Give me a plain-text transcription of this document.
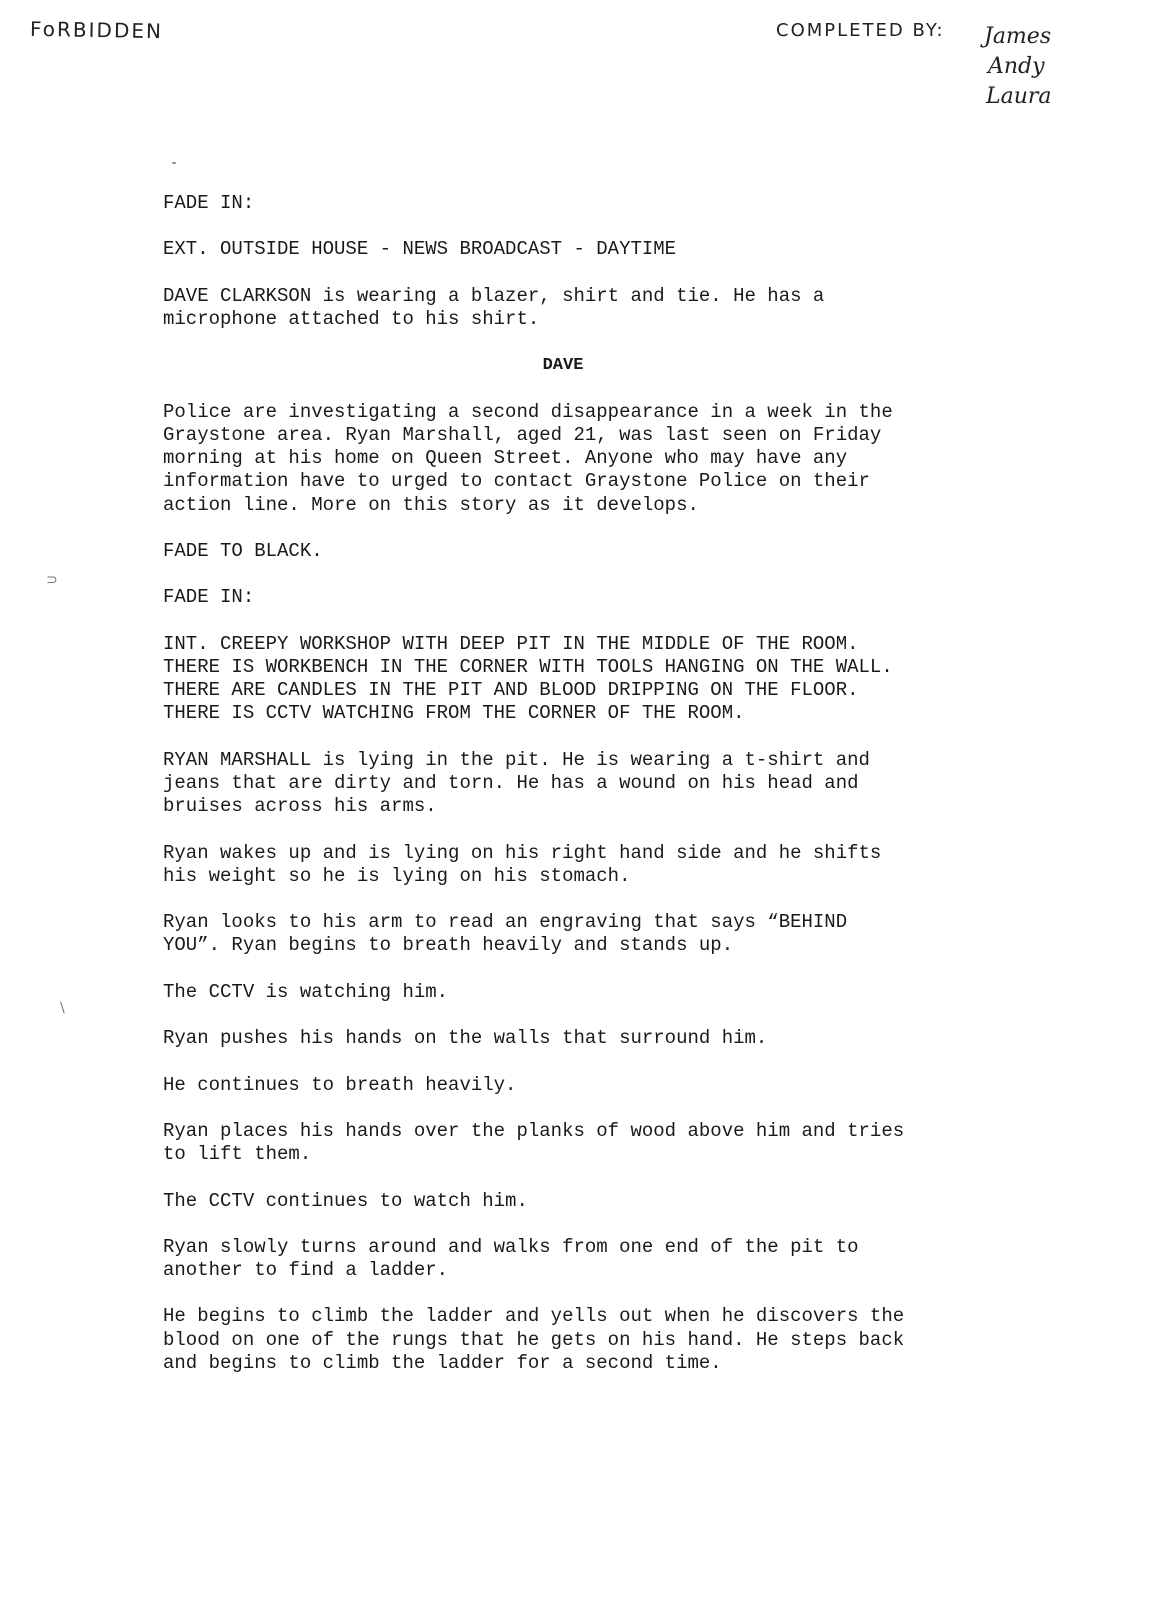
FoRBIDDEN	COMPLETED BY: James
Andy
Laura
⊃
\

FADE IN:

EXT. OUTSIDE HOUSE - NEWS BROADCAST - DAYTIME

DAVE CLARKSON is wearing a blazer, shirt and tie. He has a
microphone attached to his shirt.

DAVE

Police are investigating a second disappearance in a week in the
Graystone area. Ryan Marshall, aged 21, was last seen on Friday
morning at his home on Queen Street. Anyone who may have any
information have to urged to contact Graystone Police on their
action line. More on this story as it develops.

FADE TO BLACK.

FADE IN:

INT. CREEPY WORKSHOP WITH DEEP PIT IN THE MIDDLE OF THE ROOM.
THERE IS WORKBENCH IN THE CORNER WITH TOOLS HANGING ON THE WALL.
THERE ARE CANDLES IN THE PIT AND BLOOD DRIPPING ON THE FLOOR.
THERE IS CCTV WATCHING FROM THE CORNER OF THE ROOM.

RYAN MARSHALL is lying in the pit. He is wearing a t-shirt and
jeans that are dirty and torn. He has a wound on his head and
bruises across his arms.

Ryan wakes up and is lying on his right hand side and he shifts
his weight so he is lying on his stomach.

Ryan looks to his arm to read an engraving that says “BEHIND
YOU”. Ryan begins to breath heavily and stands up.

The CCTV is watching him.

Ryan pushes his hands on the walls that surround him.

He continues to breath heavily.

Ryan places his hands over the planks of wood above him and tries
to lift them.

The CCTV continues to watch him.

Ryan slowly turns around and walks from one end of the pit to
another to find a ladder.

He begins to climb the ladder and yells out when he discovers the
blood on one of the rungs that he gets on his hand. He steps back
and begins to climb the ladder for a second time.
